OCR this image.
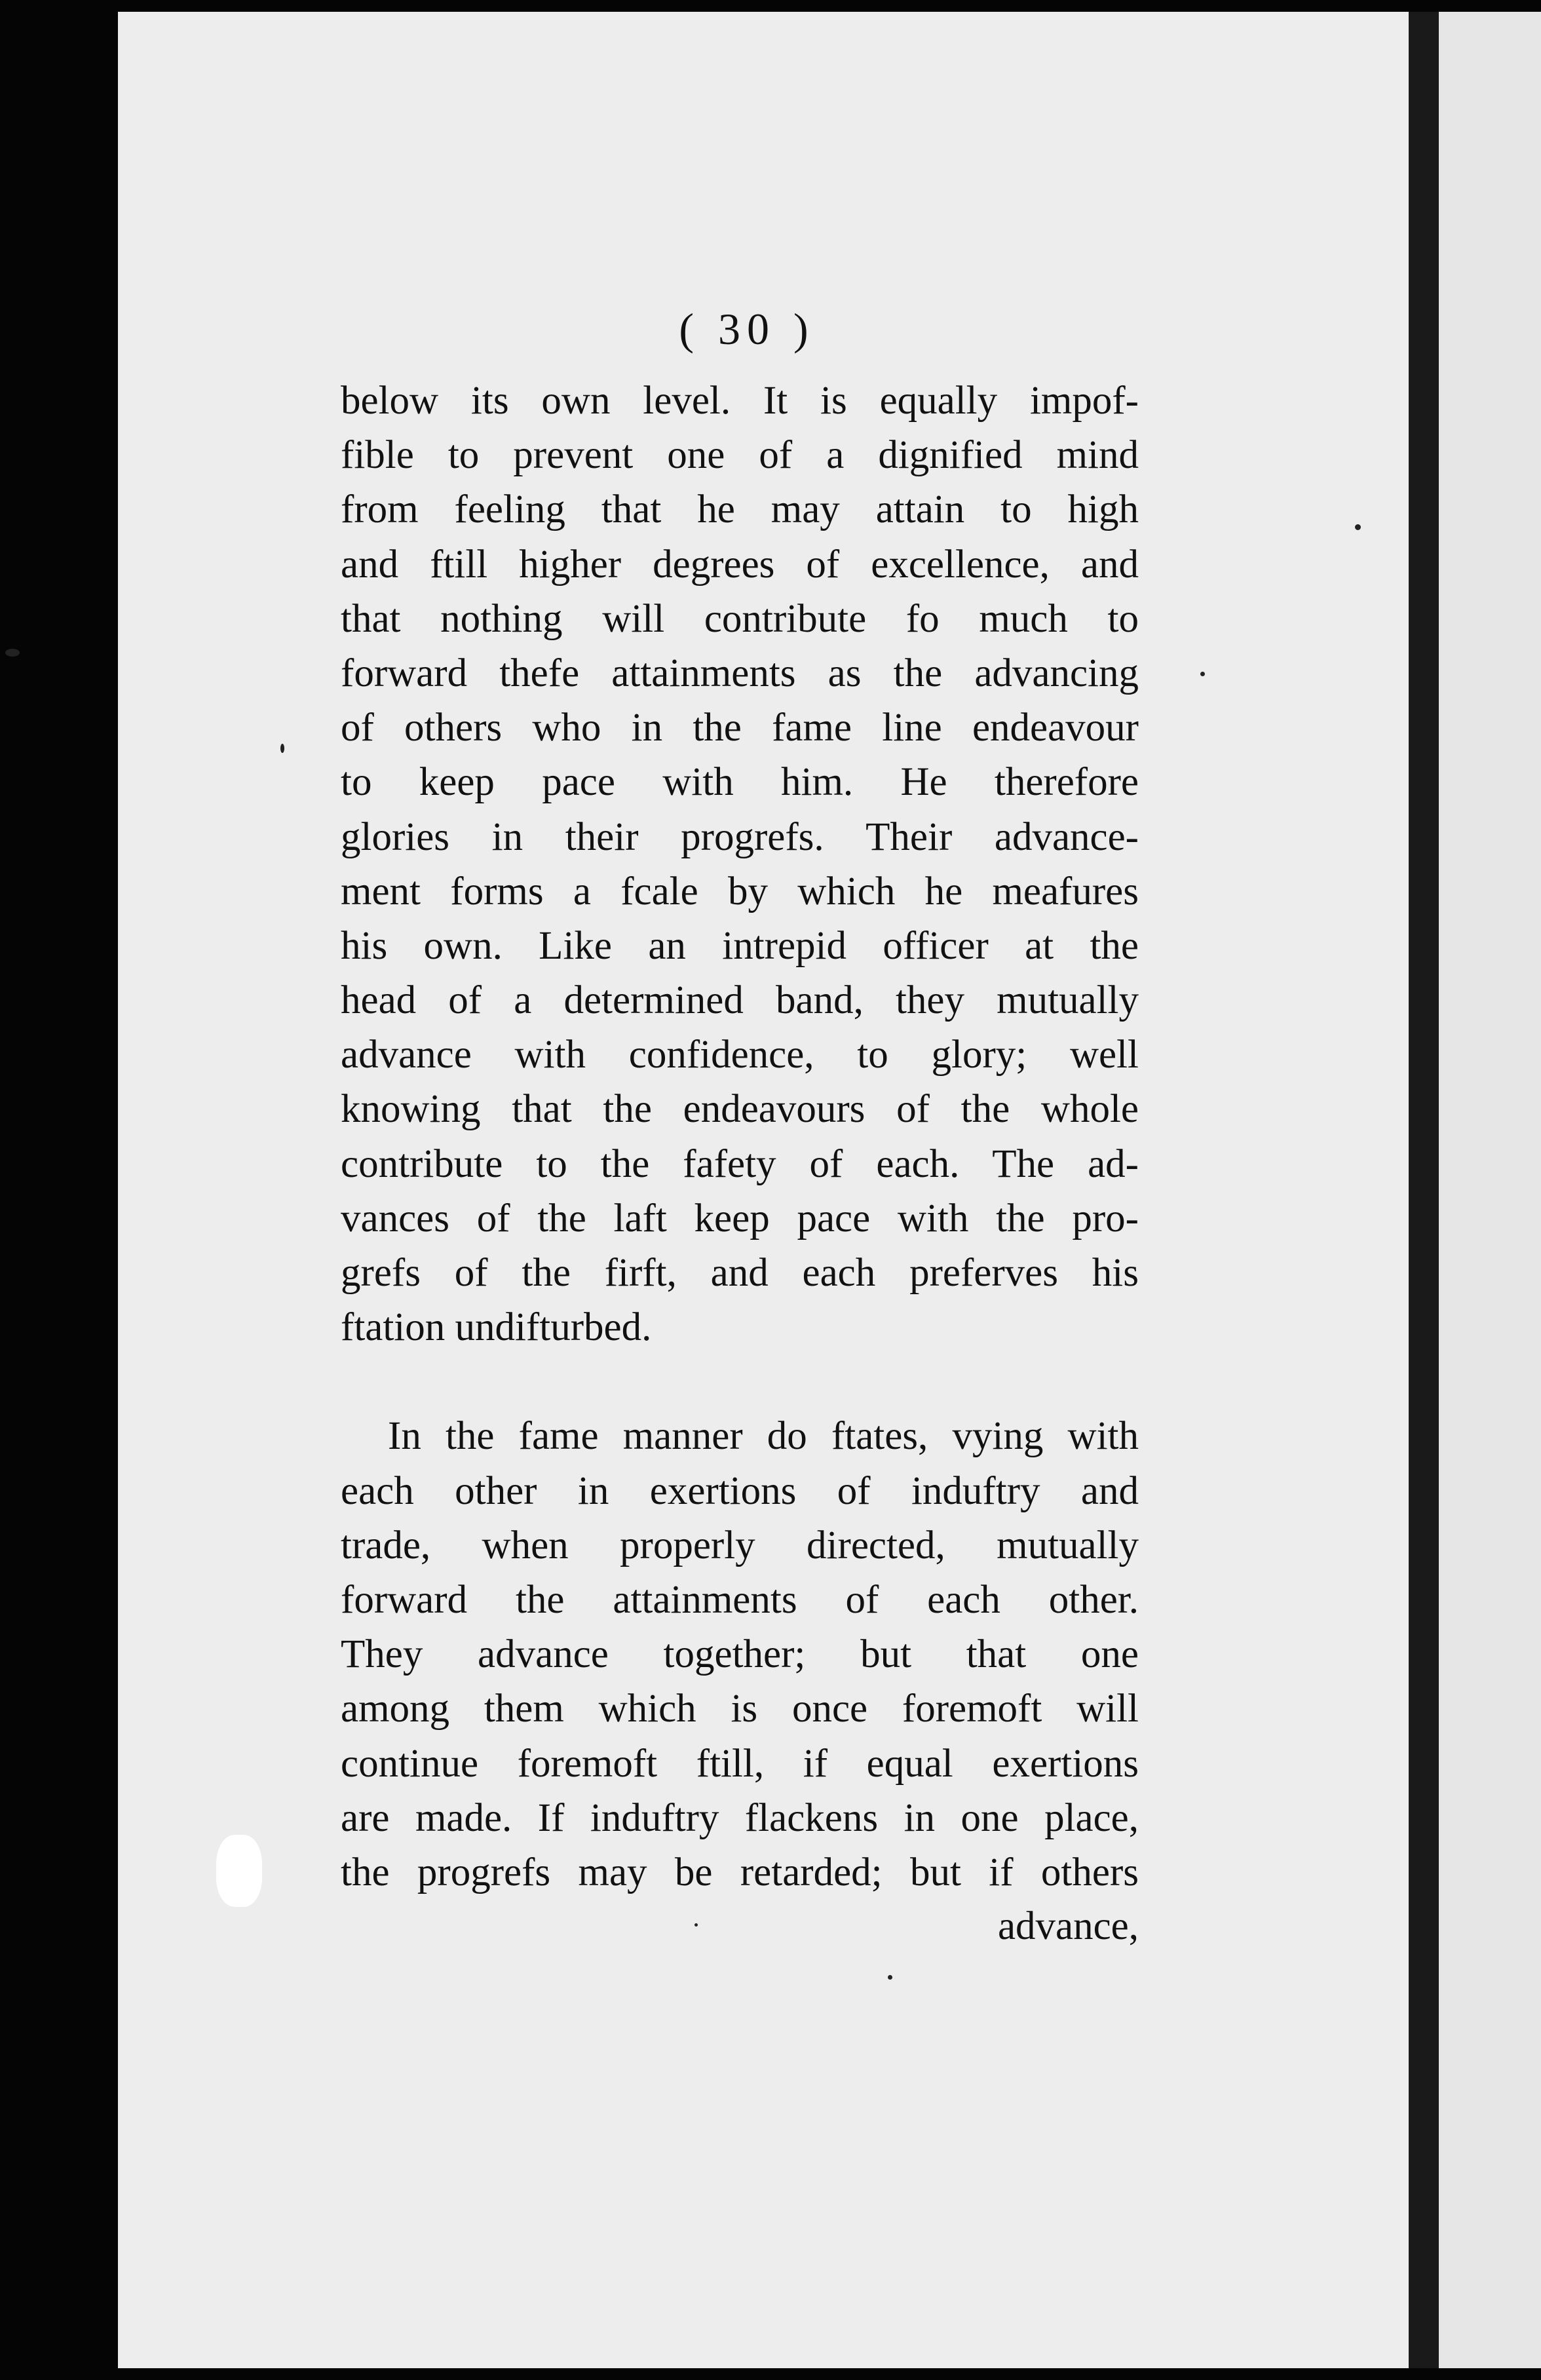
( 30 )
below its own level. It is equally impof-
fible to prevent one of a dignified mind
from feeling that he may attain to high
and ftill higher degrees of excellence, and
that nothing will contribute fo much to
forward thefe attainments as the advancing
of others who in the fame line endeavour
to keep pace with him. He therefore
glories in their progrefs. Their advance-
ment forms a fcale by which he meafures
his own. Like an intrepid officer at the
head of a determined band, they mutually
advance with confidence, to glory; well
knowing that the endeavours of the whole
contribute to the fafety of each. The ad-
vances of the laft keep pace with the pro-
grefs of the firft, and each preferves his
ftation undifturbed.
In the fame manner do ftates, vying with
each other in exertions of induftry and
trade, when properly directed, mutually
forward the attainments of each other.
They advance together; but that one
among them which is once foremoft will
continue foremoft ftill, if equal exertions
are made. If induftry flackens in one place,
the progrefs may be retarded; but if others
advance,
